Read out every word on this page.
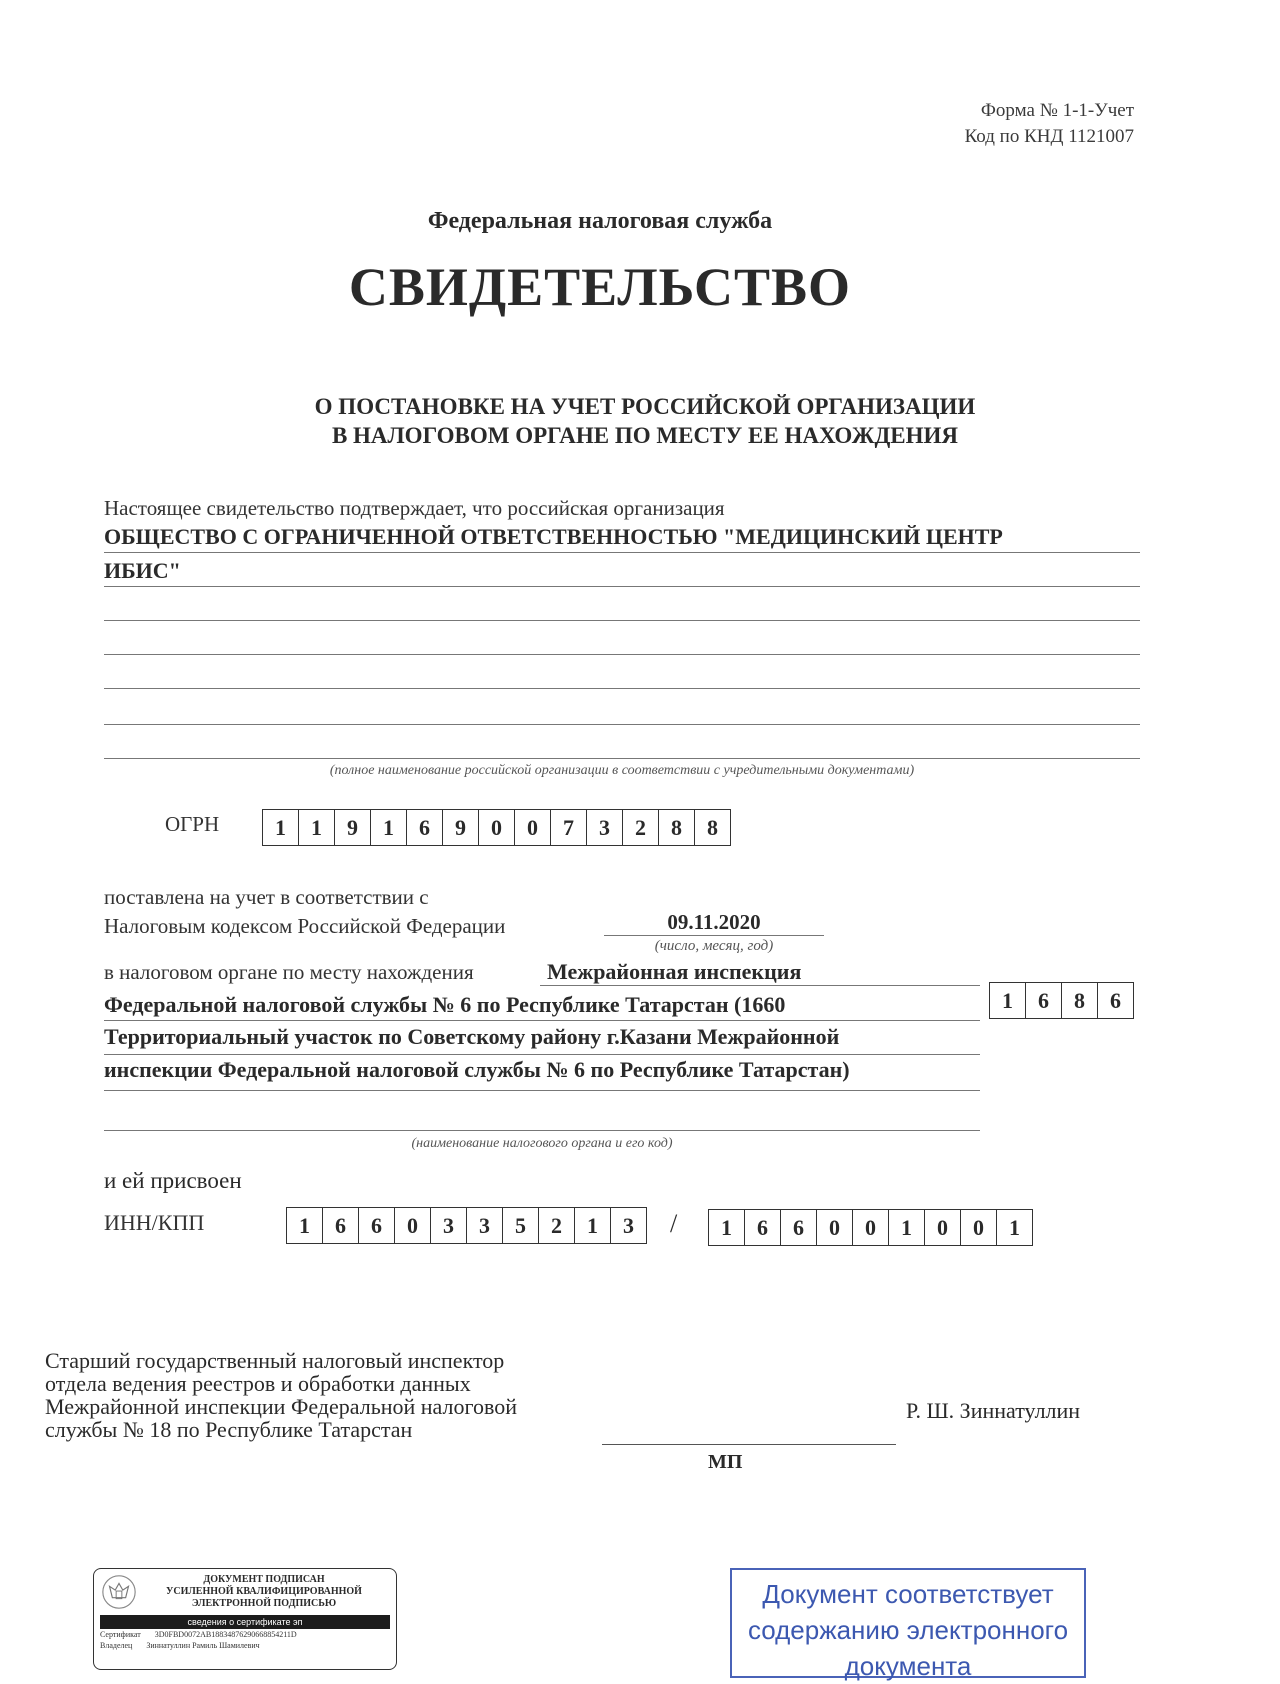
Форма № 1-1-Учет
Код по КНД 1121007
Федеральная налоговая служба
СВИДЕТЕЛЬСТВО
О ПОСТАНОВКЕ НА УЧЕТ РОССИЙСКОЙ ОРГАНИЗАЦИИ
В НАЛОГОВОМ ОРГАНЕ ПО МЕСТУ ЕЕ НАХОЖДЕНИЯ
Настоящее свидетельство подтверждает, что российская организация
ОБЩЕСТВО С ОГРАНИЧЕННОЙ ОТВЕТСТВЕННОСТЬЮ "МЕДИЦИНСКИЙ ЦЕНТР
ИБИС"
(полное наименование российской организации в соответствии с учредительными документами)
ОГРН	1	1	9	1	6	9	0	0	7	3	2	8	8
поставлена на учет в соответствии с
Налоговым кодексом Российской Федерации	09.11.2020
(число, месяц, год)
в налоговом органе по месту нахождения	Межрайонная инспекция
Федеральной налоговой службы № 6 по Республике Татарстан (1660
Территориальный участок по Советскому району г.Казани Межрайонной
инспекции Федеральной налоговой службы № 6 по Республике Татарстан)
(наименование налогового органа и его код)
1	6	8	6
и ей присвоен
ИНН/КПП	1	6	6	0	3	3	5	2	1	3	/	1	6	6	0	0	1	0	0	1
Старший государственный налоговый инспектор
отдела ведения реестров и обработки данных
Межрайонной инспекции Федеральной налоговой
службы № 18 по Республике Татарстан
Р. Ш. Зиннатуллин
МП
ДОКУМЕНТ ПОДПИСАН
УСИЛЕННОЙ КВАЛИФИЦИРОВАННОЙ
ЭЛЕКТРОННОЙ ПОДПИСЬЮ
сведения о сертификате эп
Сертификат 3D0FBD0072AB18834876290668854211D
Владелец Зиннатуллин Рамиль Шамилевич
Документ соответствует
содержанию электронного
документа
